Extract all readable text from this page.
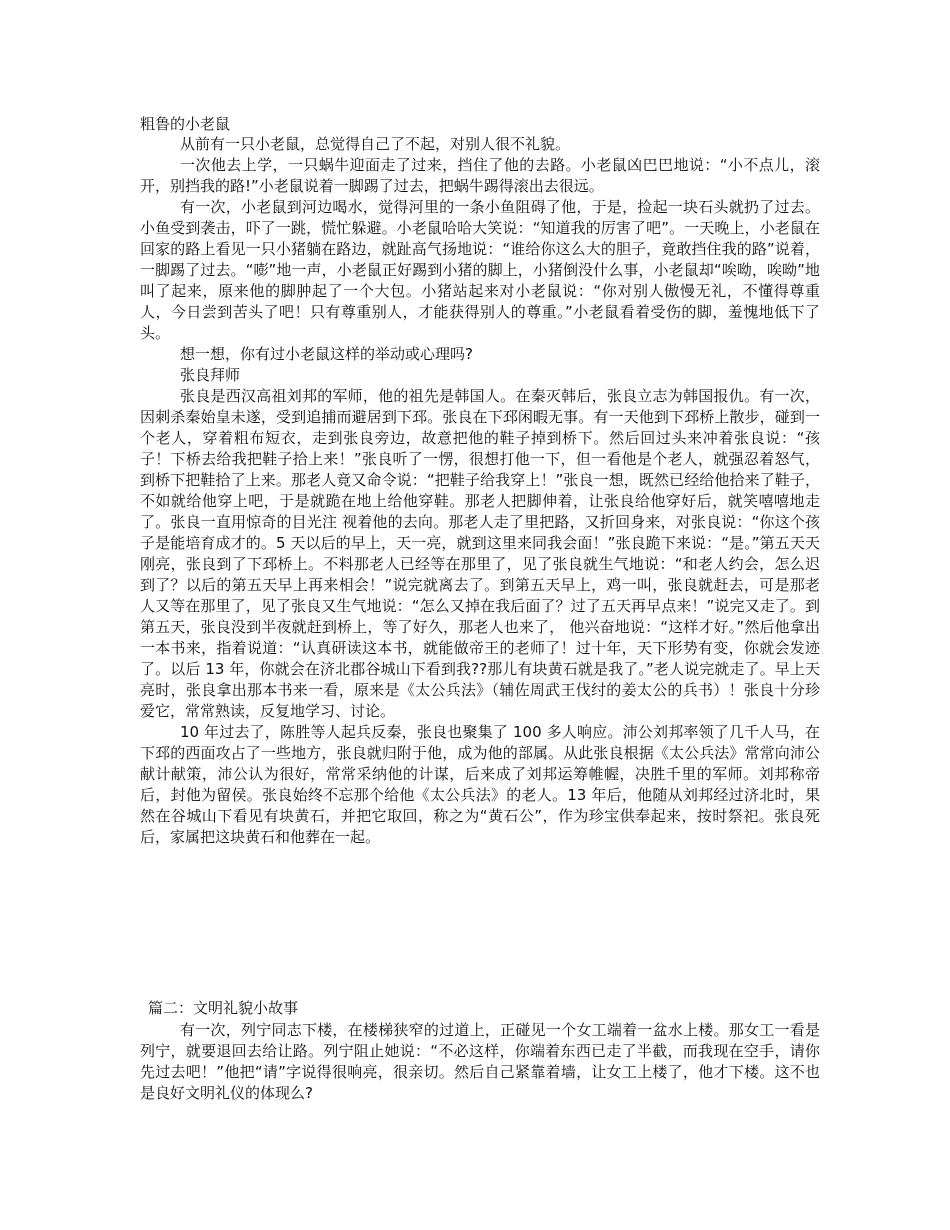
粗鲁的小老鼠

从前有一只小老鼠，总觉得自己了不起，对别人很不礼貌。

一次他去上学，一只蜗牛迎面走了过来，挡住了他的去路。小老鼠凶巴巴地说：“小不点儿，滚开，别挡我的路!”小老鼠说着一脚踢了过去，把蜗牛踢得滚出去很远。

有一次，小老鼠到河边喝水，觉得河里的一条小鱼阻碍了他，于是，捡起一块石头就扔了过去。小鱼受到袭击，吓了一跳，慌忙躲避。小老鼠哈哈大笑说：“知道我的厉害了吧”。一天晚上，小老鼠在回家的路上看见一只小猪躺在路边，就趾高气扬地说：“谁给你这么大的胆子，竟敢挡住我的路”说着，一脚踢了过去。“嘭”地一声，小老鼠正好踢到小猪的脚上，小猪倒没什么事，小老鼠却“唉呦，唉呦”地叫了起来，原来他的脚肿起了一个大包。小猪站起来对小老鼠说：“你对别人傲慢无礼，不懂得尊重人，今日尝到苦头了吧！只有尊重别人，才能获得别人的尊重。”小老鼠看着受伤的脚，羞愧地低下了头。

想一想，你有过小老鼠这样的举动或心理吗?

张良拜师

张良是西汉高祖刘邦的军师，他的祖先是韩国人。在秦灭韩后，张良立志为韩国报仇。有一次，因刺杀秦始皇未遂，受到追捕而避居到下邳。张良在下邳闲暇无事。有一天他到下邳桥上散步，碰到一个老人，穿着粗布短衣，走到张良旁边，故意把他的鞋子掉到桥下。然后回过头来冲着张良说：“孩子！下桥去给我把鞋子拾上来！”张良听了一愣，很想打他一下，但一看他是个老人，就强忍着怒气，到桥下把鞋拾了上来。那老人竟又命令说：“把鞋子给我穿上！”张良一想，既然已经给他拾来了鞋子，不如就给他穿上吧，于是就跪在地上给他穿鞋。那老人把脚伸着，让张良给他穿好后，就笑嘻嘻地走了。张良一直用惊奇的目光注 视着他的去向。那老人走了里把路，又折回身来，对张良说：“你这个孩子是能培育成才的。5 天以后的早上，天一亮，就到这里来同我会面！”张良跪下来说：“是。”第五天天刚亮，张良到了下邳桥上。不料那老人已经等在那里了，见了张良就生气地说：“和老人约会，怎么迟到了？以后的第五天早上再来相会！”说完就离去了。到第五天早上，鸡一叫，张良就赶去，可是那老人又等在那里了，见了张良又生气地说：“怎么又掉在我后面了？过了五天再早点来！”说完又走了。到第五天，张良没到半夜就赶到桥上，等了好久，那老人也来了， 他兴奋地说：“这样才好。”然后他拿出一本书来，指着说道：“认真研读这本书，就能做帝王的老师了！过十年，天下形势有变，你就会发迹了。以后 13 年，你就会在济北郡谷城山下看到我??那儿有块黄石就是我了。”老人说完就走了。早上天亮时，张良拿出那本书来一看，原来是《太公兵法》（辅佐周武王伐纣的姜太公的兵书）！张良十分珍爱它，常常熟读，反复地学习、讨论。

10 年过去了，陈胜等人起兵反秦，张良也聚集了 100 多人响应。沛公刘邦率领了几千人马，在下邳的西面攻占了一些地方，张良就归附于他，成为他的部属。从此张良根据《太公兵法》常常向沛公献计献策，沛公认为很好，常常采纳他的计谋，后来成了刘邦运筹帷幄，决胜千里的军师。刘邦称帝后，封他为留侯。张良始终不忘那个给他《太公兵法》的老人。13 年后，他随从刘邦经过济北时，果然在谷城山下看见有块黄石，并把它取回，称之为“黄石公”，作为珍宝供奉起来，按时祭祀。张良死后，家属把这块黄石和他葬在一起。

篇二：文明礼貌小故事

有一次，列宁同志下楼，在楼梯狭窄的过道上，正碰见一个女工端着一盆水上楼。那女工一看是列宁，就要退回去给让路。列宁阻止她说：“不必这样，你端着东西已走了半截，而我现在空手，请你先过去吧！”他把“请”字说得很响亮，很亲切。然后自己紧靠着墙，让女工上楼了，他才下楼。这不也是良好文明礼仪的体现么?
